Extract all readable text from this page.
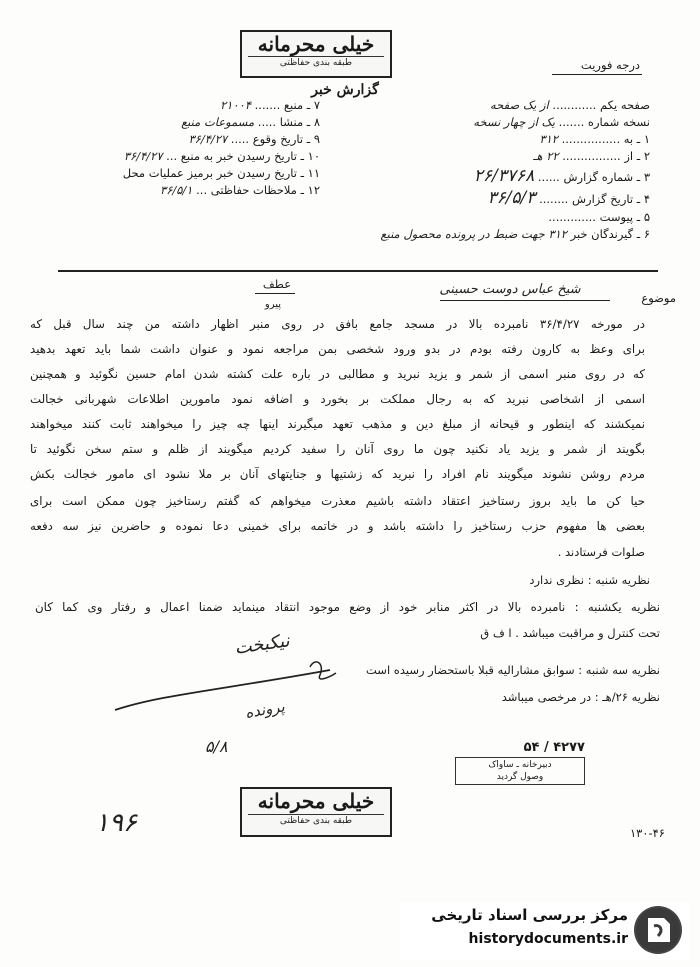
خیلی محرمانه
طبقه بندی حفاظتی	درجه فوریت
گزارش خبر
صفحه یکم ............ از یک صفحه
نسخه شماره ....... یک از چهار نسخه
۱ ـ به ................ ۳۱۲
۲ ـ از ................ ۲۲ هـ
۳ ـ شماره گزارش ...... ۲۶/۳۷۶۸
۴ ـ تاریخ گزارش ........ ۳۶/۵/۳
۵ ـ پیوست .............
۶ ـ گیرندگان خبر ۳۱۲ جهت ضبط در پرونده محصول منبع
۷ ـ منبع ....... ۲۱۰۰۴
۸ ـ منشا ..... مسموعات منبع
۹ ـ تاریخ وقوع ..... ۳۶/۴/۲۷
۱۰ ـ تاریخ رسیدن خبر به منبع ... ۳۶/۴/۲۷
۱۱ ـ تاریخ رسیدن خبر برمیز عملیات محل
۱۲ ـ ملاحظات حفاظتی ... ۳۶/۵/۱
عطف
پیرو	موضوع
شیخ عباس دوست حسینی
در مورخه ۳۶/۴/۲۷ نامبرده بالا در مسجد جامع بافق در روی منبر اظهار داشته من چند سال قبل که
برای وعظ به کارون رفته بودم در بدو ورود شخصی بمن مراجعه نمود و عنوان داشت شما باید تعهد بدهید
که در روی منبر اسمی از شمر و یزید نبرید و مطالبی در باره علت کشته شدن امام حسین نگوئید و همچنین
اسمی از اشخاصی نبرید که به رجال مملکت بر بخورد و اضافه نمود مامورین اطلاعات شهربانی خجالت
نمیکشند که اینطور و قیحانه از مبلغ دین و مذهب تعهد میگیرند اینها چه چیز را میخواهند ثابت کنند میخواهند
بگویند از شمر و یزید یاد نکنید چون ما روی آنان را سفید کردیم میگویند از ظلم و ستم سخن نگوئید تا
مردم روشن نشوند میگویند نام افراد را نبرید که زشتیها و جنایتهای آنان بر ملا نشود ای مامور خجالت بکش
حیا کن ما باید بروز رستاخیز اعتقاد داشته باشیم معذرت میخواهم که گفتم رستاخیز چون ممکن است برای
بعضی ها مفهوم حزب رستاخیز را داشته باشد و در خاتمه برای خمینی دعا نموده و حاضرین نیز سه دفعه
صلوات فرستادند .
نظریه شنبه : نظری ندارد
نظریه یکشنبه : نامبرده بالا در اکثر منابر خود از وضع موجود انتقاد مینماید ضمنا اعمال و رفتار وی کما کان
تحت کنترل و مراقبت میباشد . ا ف ق
نظریه سه شنبه : سوابق مشارالیه قبلا باستحضار رسیده است
نظریه ۲۶/هـ : در مرخصی میباشد
نیکبخت
پرونده
۵/۸
۱۹۶
۴۲۷۷ / ۵۴
دبیرخانه ـ ساواک
وصول گردید
خیلی محرمانه
طبقه بندی حفاظتی
۱۳۰-۴۶
مرکز بررسی اسناد تاریخی
historydocuments.ir
